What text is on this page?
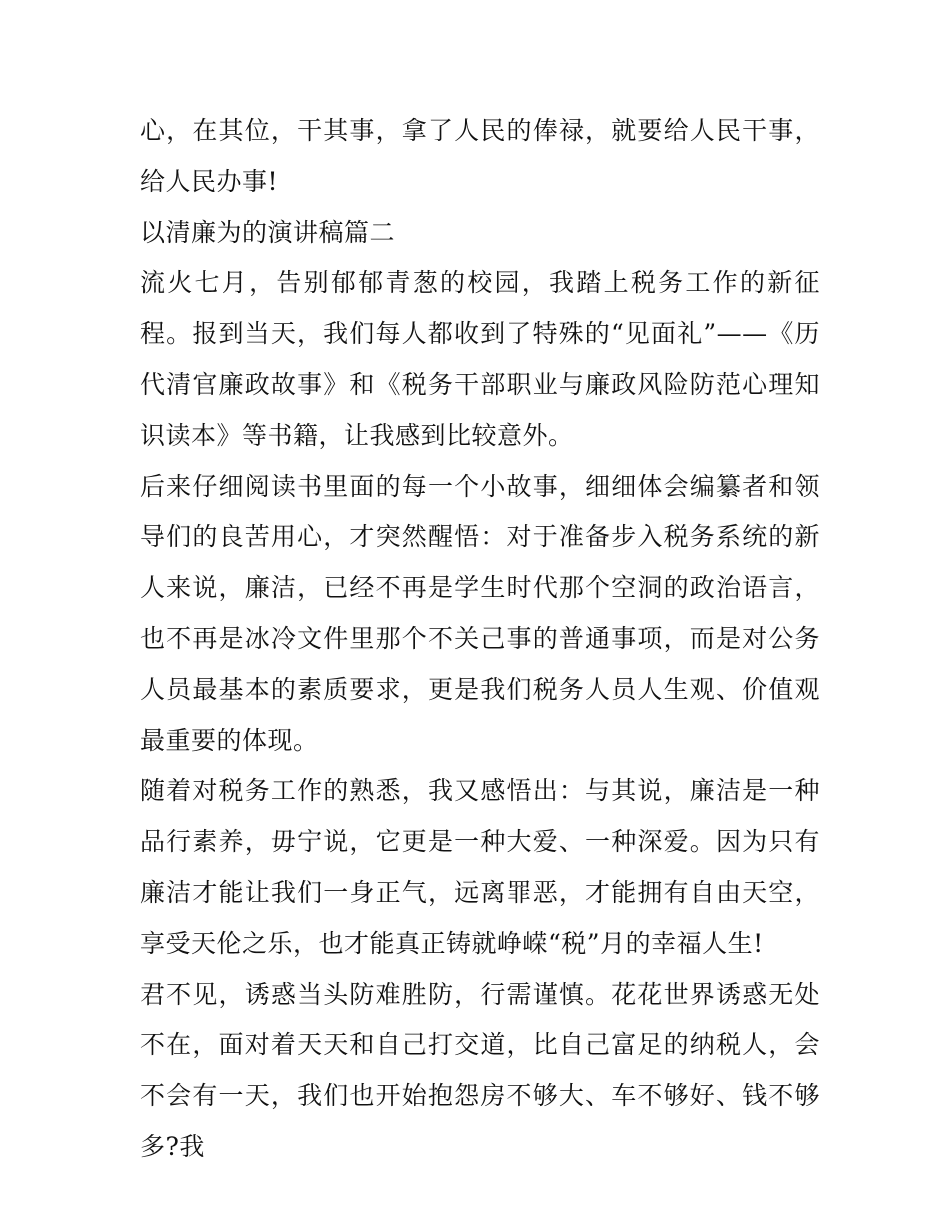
心，在其位，干其事，拿了人民的俸禄，就要给人民干事，给人民办事!

以清廉为的演讲稿篇二

流火七月，告别郁郁青葱的校园，我踏上税务工作的新征程。报到当天，我们每人都收到了特殊的“见面礼”——《历代清官廉政故事》和《税务干部职业与廉政风险防范心理知识读本》等书籍，让我感到比较意外。

后来仔细阅读书里面的每一个小故事，细细体会编纂者和领导们的良苦用心，才突然醒悟：对于准备步入税务系统的新人来说，廉洁，已经不再是学生时代那个空洞的政治语言，也不再是冰冷文件里那个不关己事的普通事项，而是对公务人员最基本的素质要求，更是我们税务人员人生观、价值观最重要的体现。

随着对税务工作的熟悉，我又感悟出：与其说，廉洁是一种品行素养，毋宁说，它更是一种大爱、一种深爱。因为只有廉洁才能让我们一身正气，远离罪恶，才能拥有自由天空，享受天伦之乐，也才能真正铸就峥嵘“税”月的幸福人生!

君不见，诱惑当头防难胜防，行需谨慎。花花世界诱惑无处不在，面对着天天和自己打交道，比自己富足的纳税人，会不会有一天，我们也开始抱怨房不够大、车不够好、钱不够多?我
